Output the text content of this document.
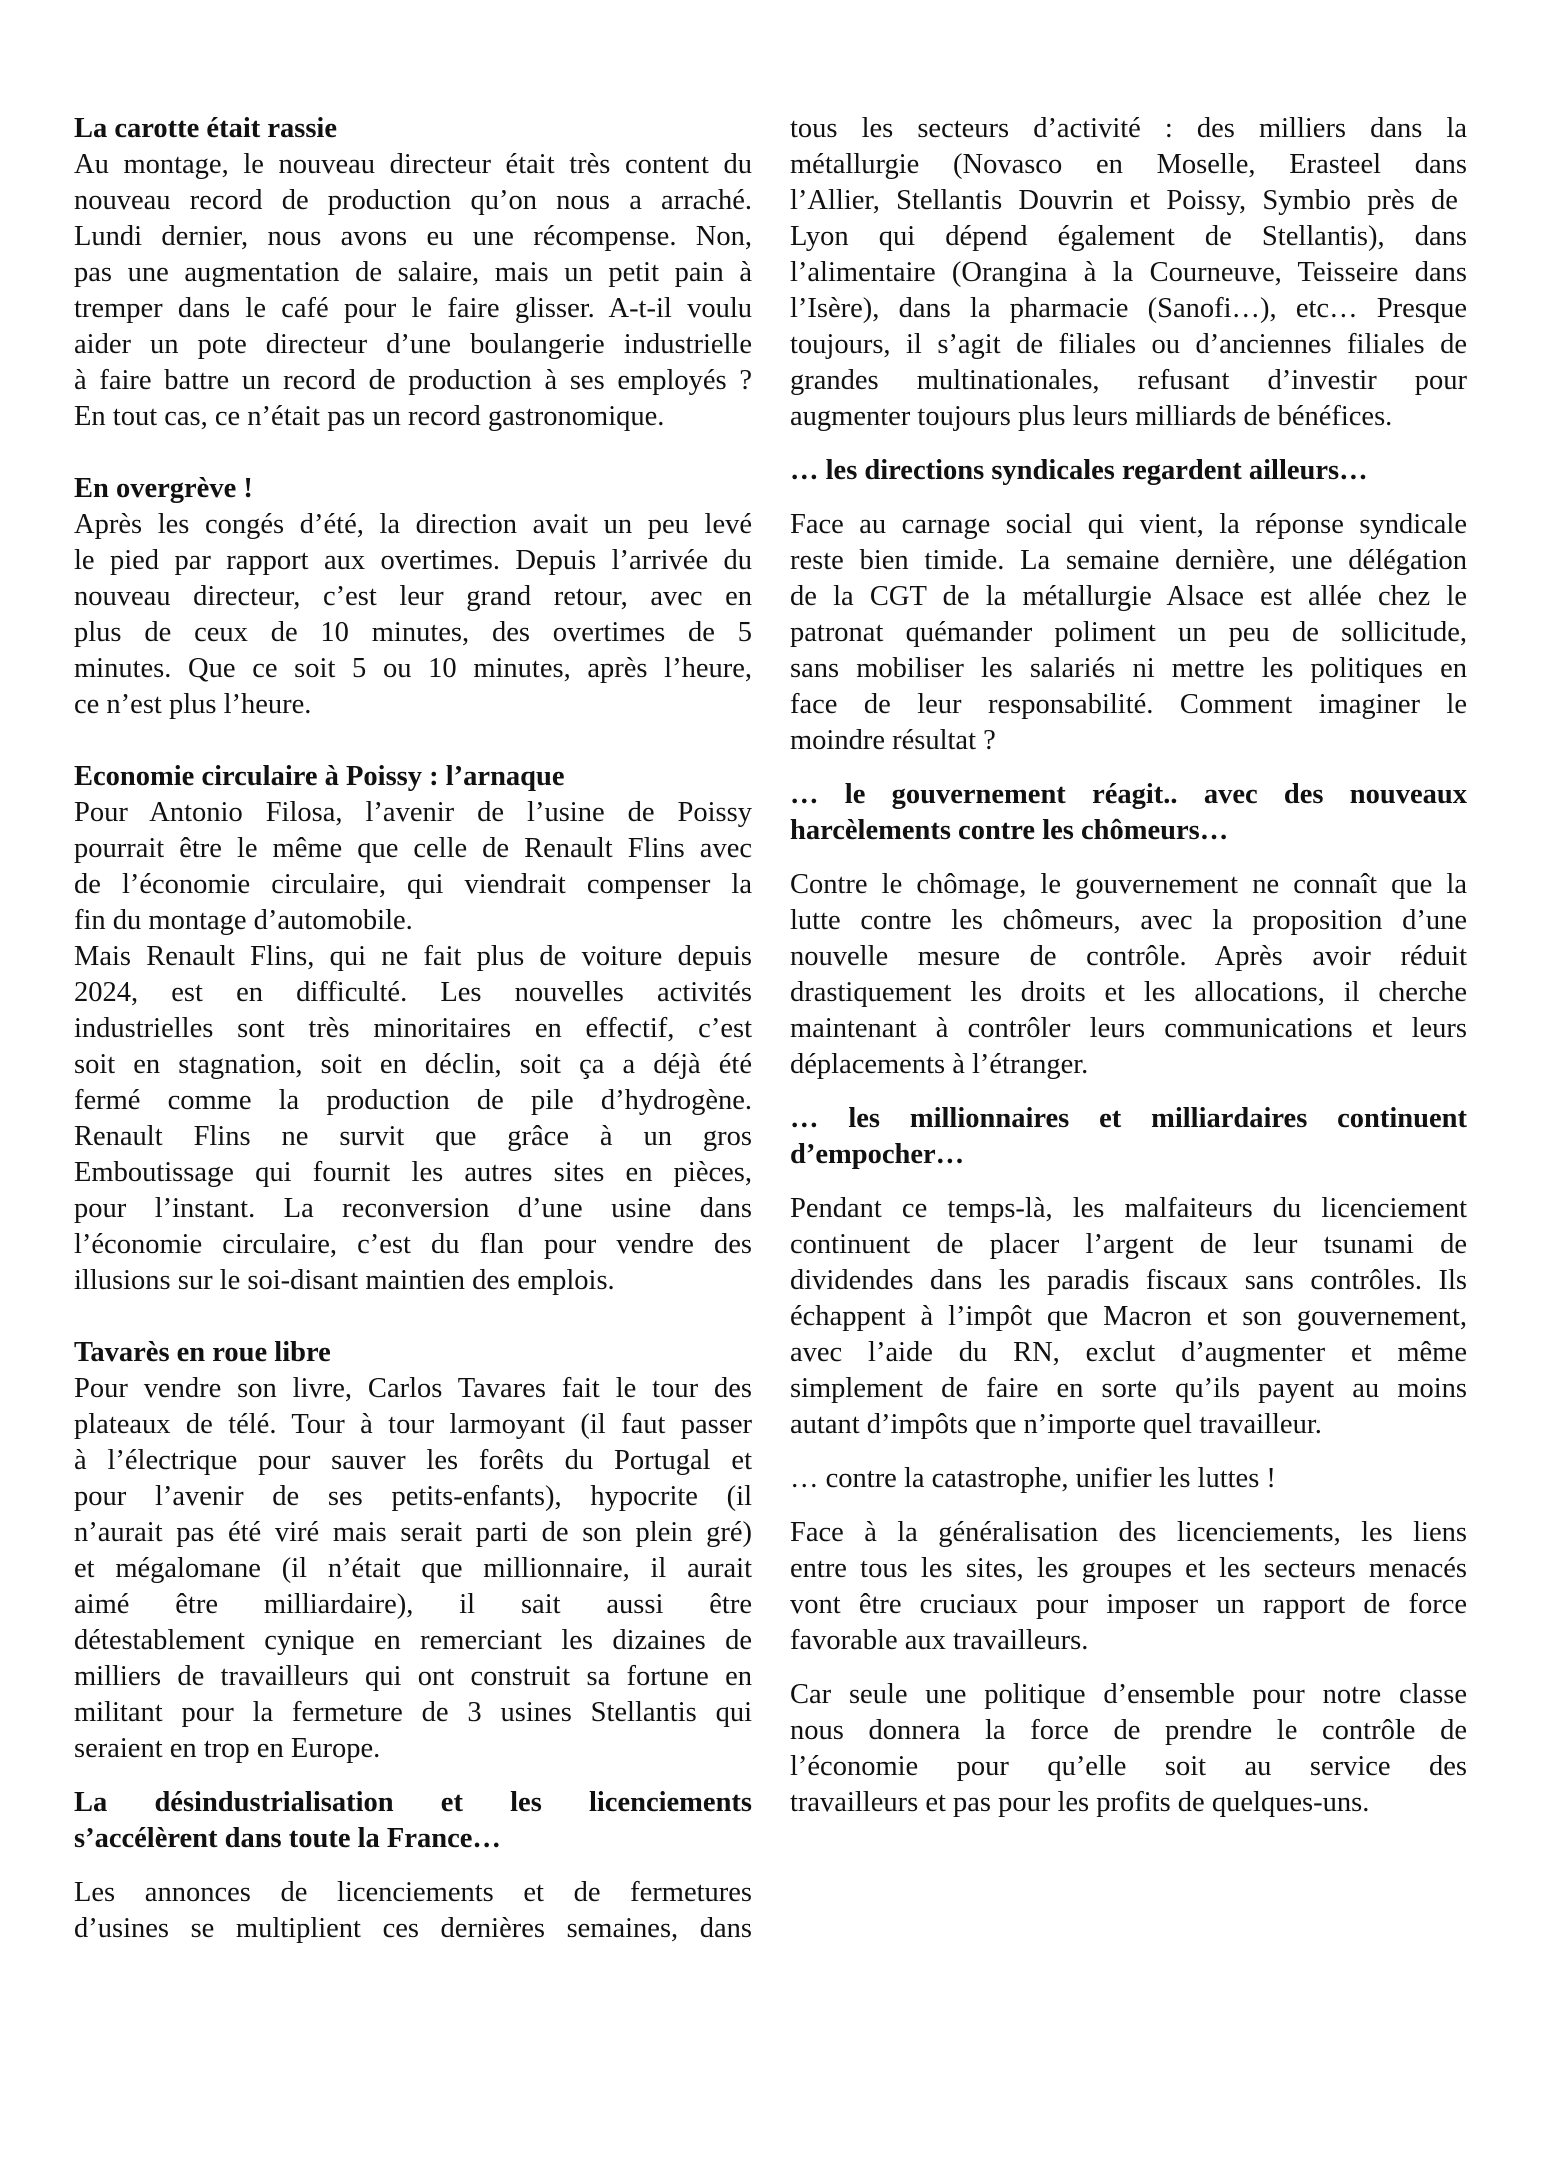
La carotte était rassie

Au montage, le nouveau directeur était très content du
nouveau record de production qu’on nous a arraché.
Lundi dernier, nous avons eu une récompense. Non,
pas une augmentation de salaire, mais un petit pain à
tremper dans le café pour le faire glisser. A-t-il voulu
aider un pote directeur d’une boulangerie industrielle
à faire battre un record de production à ses employés ?
En tout cas, ce n’était pas un record gastronomique.

En overgrève !

Après les congés d’été, la direction avait un peu levé
le pied par rapport aux overtimes. Depuis l’arrivée du
nouveau directeur, c’est leur grand retour, avec en
plus de ceux de 10 minutes, des overtimes de 5
minutes. Que ce soit 5 ou 10 minutes, après l’heure,
ce n’est plus l’heure.

Economie circulaire à Poissy : l’arnaque

Pour Antonio Filosa, l’avenir de l’usine de Poissy
pourrait être le même que celle de Renault Flins avec
de l’économie circulaire, qui viendrait compenser la
fin du montage d’automobile.

Mais Renault Flins, qui ne fait plus de voiture depuis
2024, est en difficulté. Les nouvelles activités
industrielles sont très minoritaires en effectif, c’est
soit en stagnation, soit en déclin, soit ça a déjà été
fermé comme la production de pile d’hydrogène.
Renault Flins ne survit que grâce à un gros
Emboutissage qui fournit les autres sites en pièces,
pour l’instant. La reconversion d’une usine dans
l’économie circulaire, c’est du flan pour vendre des
illusions sur le soi-disant maintien des emplois.

Tavarès en roue libre

Pour vendre son livre, Carlos Tavares fait le tour des
plateaux de télé. Tour à tour larmoyant (il faut passer
à l’électrique pour sauver les forêts du Portugal et
pour l’avenir de ses petits-enfants), hypocrite (il
n’aurait pas été viré mais serait parti de son plein gré)
et mégalomane (il n’était que millionnaire, il aurait
aimé être milliardaire), il sait aussi être
détestablement cynique en remerciant les dizaines de
milliers de travailleurs qui ont construit sa fortune en
militant pour la fermeture de 3 usines Stellantis qui
seraient en trop en Europe.

La désindustrialisation et les licenciements
s’accélèrent dans toute la France…

Les annonces de licenciements et de fermetures
d’usines se multiplient ces dernières semaines, dans

tous les secteurs d’activité : des milliers dans la
métallurgie (Novasco en Moselle, Erasteel dans
l’Allier, Stellantis Douvrin et Poissy, Symbio près de
Lyon qui dépend également de Stellantis), dans
l’alimentaire (Orangina à la Courneuve, Teisseire dans
l’Isère), dans la pharmacie (Sanofi…), etc… Presque
toujours, il s’agit de filiales ou d’anciennes filiales de
grandes multinationales, refusant d’investir pour
augmenter toujours plus leurs milliards de bénéfices.

… les directions syndicales regardent ailleurs…

Face au carnage social qui vient, la réponse syndicale
reste bien timide. La semaine dernière, une délégation
de la CGT de la métallurgie Alsace est allée chez le
patronat quémander poliment un peu de sollicitude,
sans mobiliser les salariés ni mettre les politiques en
face de leur responsabilité. Comment imaginer le
moindre résultat ?

… le gouvernement réagit.. avec des nouveaux
harcèlements contre les chômeurs…

Contre le chômage, le gouvernement ne connaît que la
lutte contre les chômeurs, avec la proposition d’une
nouvelle mesure de contrôle. Après avoir réduit
drastiquement les droits et les allocations, il cherche
maintenant à contrôler leurs communications et leurs
déplacements à l’étranger.

… les millionnaires et milliardaires continuent
d’empocher…

Pendant ce temps-là, les malfaiteurs du licenciement
continuent de placer l’argent de leur tsunami de
dividendes dans les paradis fiscaux sans contrôles. Ils
échappent à l’impôt que Macron et son gouvernement,
avec l’aide du RN, exclut d’augmenter et même
simplement de faire en sorte qu’ils payent au moins
autant d’impôts que n’importe quel travailleur.

… contre la catastrophe, unifier les luttes !

Face à la généralisation des licenciements, les liens
entre tous les sites, les groupes et les secteurs menacés
vont être cruciaux pour imposer un rapport de force
favorable aux travailleurs.

Car seule une politique d’ensemble pour notre classe
nous donnera la force de prendre le contrôle de
l’économie pour qu’elle soit au service des
travailleurs et pas pour les profits de quelques-uns.
